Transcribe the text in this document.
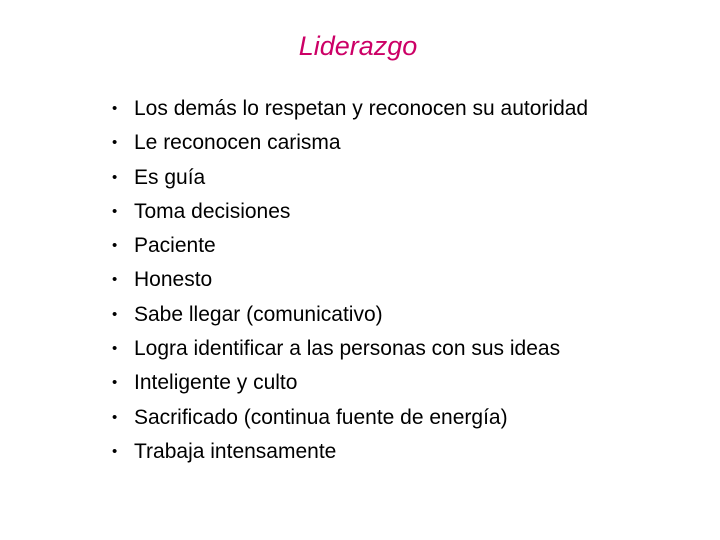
Liderazgo
• Los demás lo respetan y reconocen su autoridad
• Le reconocen carisma
• Es guía
• Toma decisiones
• Paciente
• Honesto
• Sabe llegar (comunicativo)
• Logra identificar a las personas con sus ideas
• Inteligente y culto
• Sacrificado (continua fuente de energía)
• Trabaja intensamente
